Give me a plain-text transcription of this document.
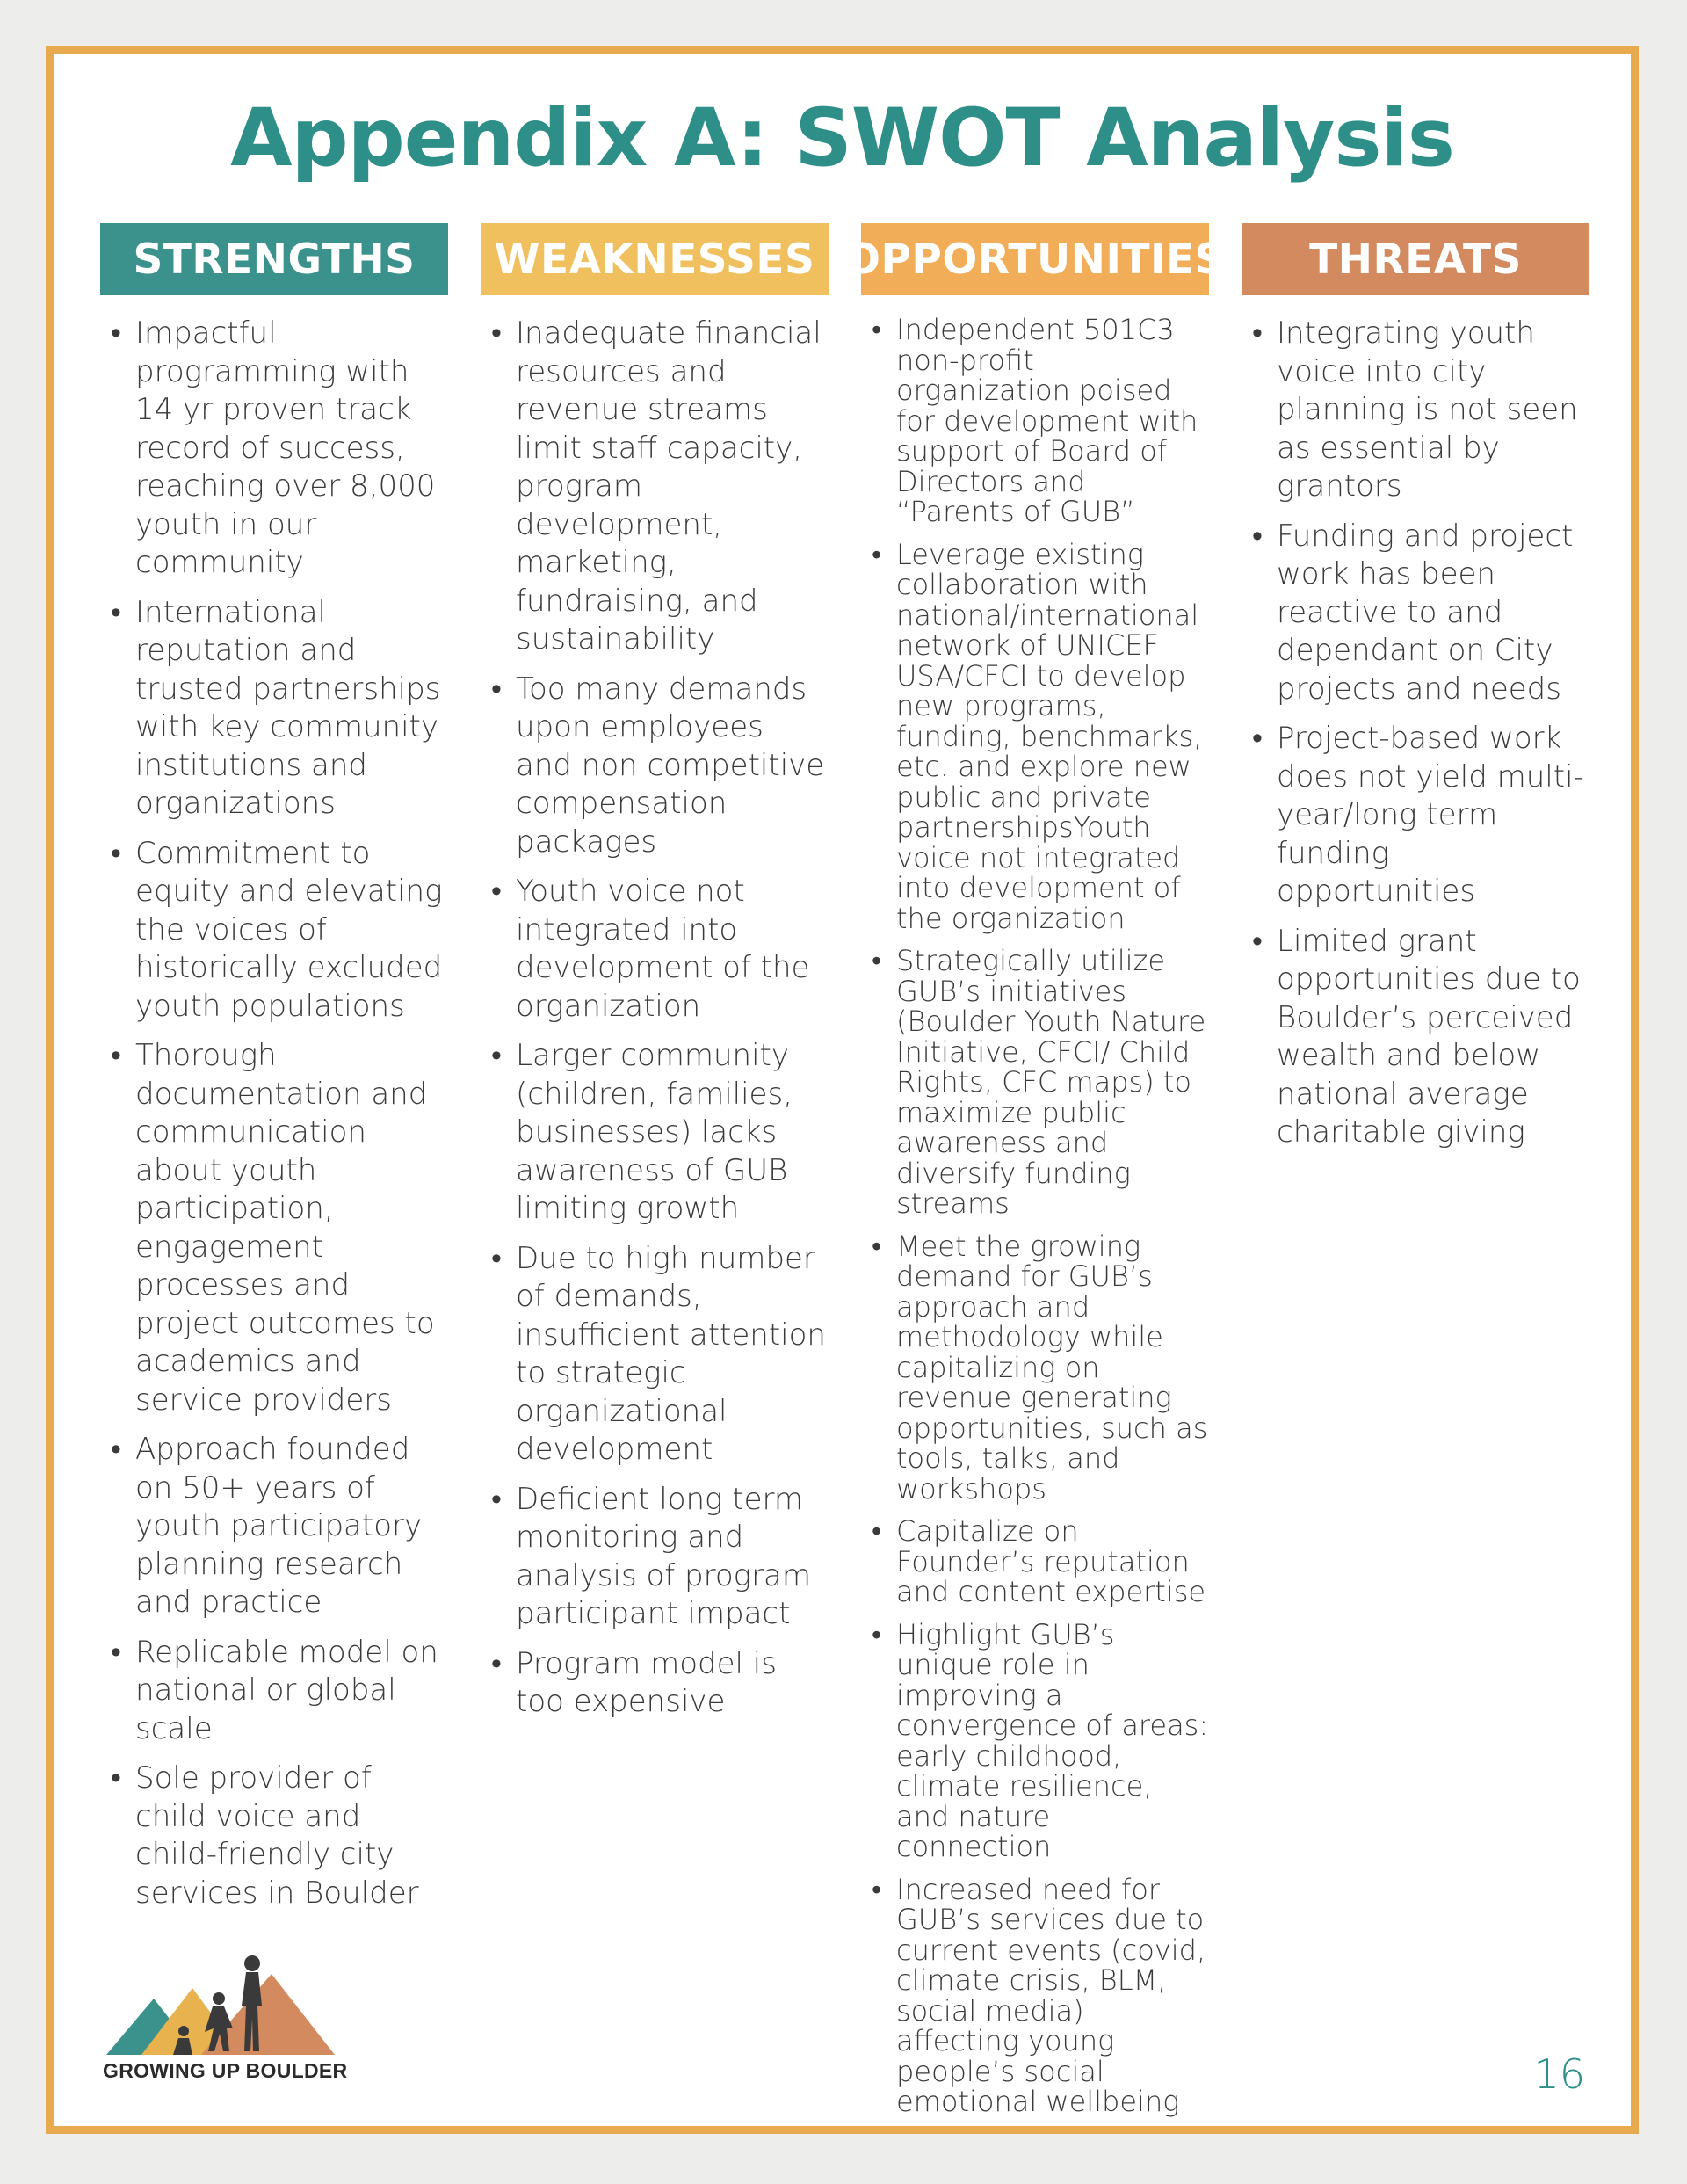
Appendix A: SWOT Analysis
STRENGTHS
• Impactful programming with 14 yr proven track record of success, reaching over 8,000 youth in our community
• International reputation and trusted partnerships with key community institutions and organizations
• Commitment to equity and elevating the voices of historically excluded youth populations
• Thorough documentation and communication about youth participation, engagement processes and project outcomes to academics and service providers
• Approach founded on 50+ years of youth participatory planning research and practice
• Replicable model on national or global scale
• Sole provider of child voice and child-friendly city services in Boulder
WEAKNESSES
• Inadequate financial resources and revenue streams limit staff capacity, program development, marketing, fundraising, and sustainability
• Too many demands upon employees and non competitive compensation packages
• Youth voice not integrated into development of the organization
• Larger community (children, families, businesses) lacks awareness of GUB limiting growth
• Due to high number of demands, insufficient attention to strategic organizational development
• Deficient long term monitoring and analysis of program participant impact
• Program model is too expensive
OPPORTUNITIES
• Independent 501C3 non-profit organization poised for development with support of Board of Directors and “Parents of GUB”
• Leverage existing collaboration with national/international network of UNICEF USA/CFCI to develop new programs, funding, benchmarks, etc. and explore new public and private partnershipsYouth voice not integrated into development of the organization
• Strategically utilize GUB’s initiatives (Boulder Youth Nature Initiative, CFCI/ Child Rights, CFC maps) to maximize public awareness and diversify funding streams
• Meet the growing demand for GUB’s approach and methodology while capitalizing on revenue generating opportunities, such as tools, talks, and workshops
• Capitalize on Founder’s reputation and content expertise
• Highlight GUB’s unique role in improving a convergence of areas: early childhood, climate resilience, and nature connection
• Increased need for GUB’s services due to current events (covid, climate crisis, BLM, social media) affecting young people’s social emotional wellbeing
THREATS
• Integrating youth voice into city planning is not seen as essential by grantors
• Funding and project work has been reactive to and dependant on City projects and needs
• Project-based work does not yield multi-year/long term funding opportunities
• Limited grant opportunities due to Boulder’s perceived wealth and below national average charitable giving
GROWING UP BOULDER	16
